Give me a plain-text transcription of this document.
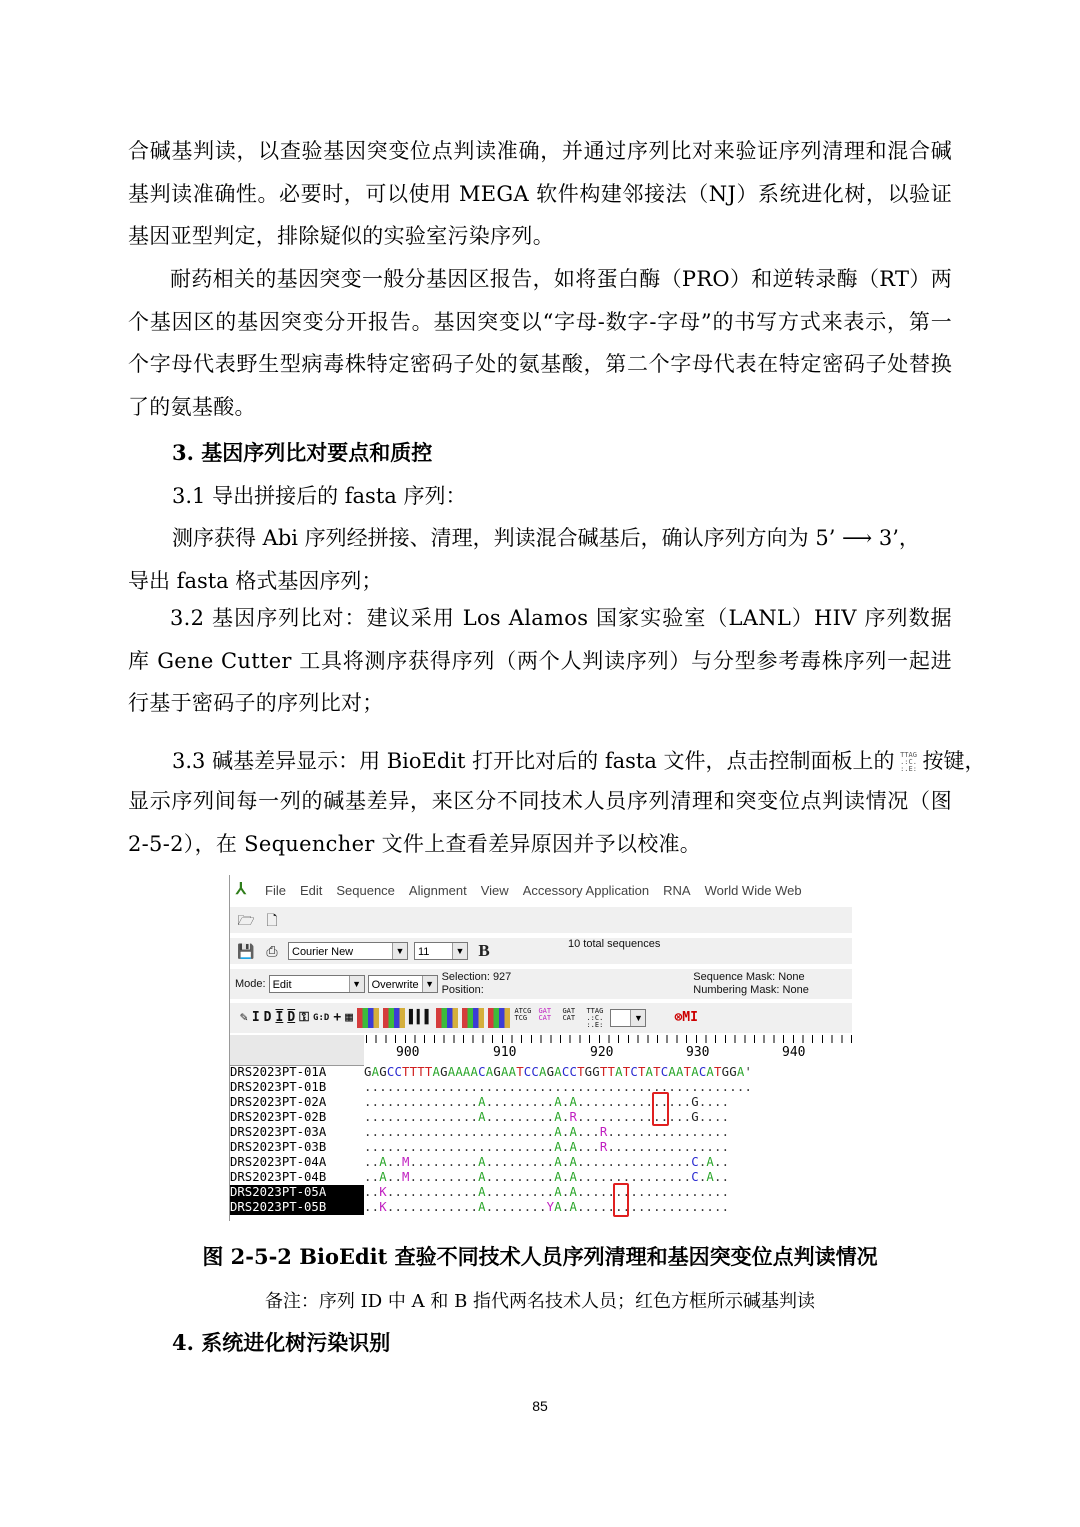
合碱基判读，以查验基因突变位点判读准确，并通过序列比对来验证序列清理和混合碱基判读准确性。必要时，可以使用 MEGA 软件构建邻接法（NJ）系统进化树，以验证基因亚型判定，排除疑似的实验室污染序列。

耐药相关的基因突变一般分基因区报告，如将蛋白酶（PRO）和逆转录酶（RT）两个基因区的基因突变分开报告。基因突变以“字母-数字-字母”的书写方式来表示，第一个字母代表野生型病毒株特定密码子处的氨基酸，第二个字母代表在特定密码子处替换了的氨基酸。

3. 基因序列比对要点和质控

3.1 导出拼接后的 fasta 序列：

测序获得 Abi 序列经拼接、清理，判读混合碱基后，确认序列方向为 5’ ⟶ 3’，

导出 fasta 格式基因序列；

3.2 基因序列比对：建议采用 Los Alamos 国家实验室（LANL）HIV 序列数据库 Gene Cutter 工具将测序获得序列（两个人判读序列）与分型参考毒株序列一起进行基于密码子的序列比对；

3.3 碱基差异显示：用 BioEdit 打开比对后的 fasta 文件，点击控制面板上的 TTAG
.:C.
:.E: 按键，

显示序列间每一列的碱基差异，来区分不同技术人员序列清理和突变位点判读情况（图 2-5-2），在 Sequencher 文件上查看差异原因并予以校准。

⅄	File	Edit	Sequence	Alignment	View	Accessory Application	RNA	World Wide Web
🗁 🗋
💾 ⎙	Courier New	▼	11	▼ B	10 total sequences
Mode: Edit	▼ Overwrite ▼
Selection: 927
Position:
Sequence Mask: None
Numbering Mask: None
✎ I D I D ⚿ G:D + ▦	▌▍▌	ATCG
TCG
GAT
CAT
GAT
CAT
TTAG
.:C.
:.E:
▼ ⊗MI
900	910	920	930	940
DRS2023PT-01A	GAGCCTTTTAGAAAACAGAATCCAGACCTGGTTATCTATCAATACATGGA'
DRS2023PT-01B	...................................................
DRS2023PT-02A	...............A.........A.A...............G....
DRS2023PT-02B	...............A.........A.R...............G....
DRS2023PT-03A	.........................A.A...R................
DRS2023PT-03B	.........................A.A...R................
DRS2023PT-04A	..A..M.........A.........A.A...............C.A..
DRS2023PT-04B	..A..M.........A.........A.A...............C.A..
DRS2023PT-05A	..K............A.........A.A....................
DRS2023PT-05B	..K............A........YA.A....................
图 2-5-2 BioEdit 查验不同技术人员序列清理和基因突变位点判读情况
备注：序列 ID 中 A 和 B 指代两名技术人员；红色方框所示碱基判读

4. 系统进化树污染识别

85
